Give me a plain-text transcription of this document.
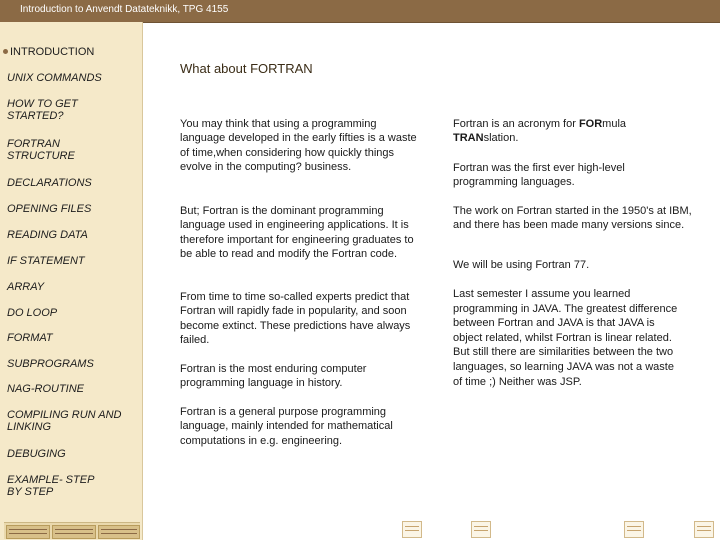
Introduction to Anvendt Datateknikk, TPG 4155
INTRODUCTION
UNIX COMMANDS
HOW TO GET STARTED?
FORTRAN STRUCTURE
DECLARATIONS
OPENING FILES
READING DATA
IF STATEMENT
ARRAY
DO LOOP
FORMAT
SUBPROGRAMS
NAG-ROUTINE
COMPILING RUN AND LINKING
DEBUGING
EXAMPLE- STEP BY STEP
What about FORTRAN
You may think that using a programming language developed in the early fifties is a waste of time,when considering how quickly things evolve in the computing? business.
But; Fortran is the dominant programming language used in engineering applications. It is therefore important for engineering graduates to be able to read and modify the Fortran code.
From time to time so-called experts predict that Fortran will rapidly fade in popularity, and soon become extinct. These predictions have always failed.
Fortran is the most enduring computer programming language in history.
Fortran is a general purpose programming language, mainly intended for mathematical computations in e.g. engineering.
Fortran is an acronym for FORmula TRANslation.
Fortran was the first ever high-level programming languages.
The work on Fortran started in the 1950's at IBM, and there has been made many versions since.
We will be using Fortran 77.
Last semester I assume you learned programming in JAVA. The greatest difference between Fortran and JAVA is that JAVA is object related, whilst Fortran is linear related. But still there are similarities between the two languages, so learning JAVA was not a waste of time ;) Neither was JSP.
